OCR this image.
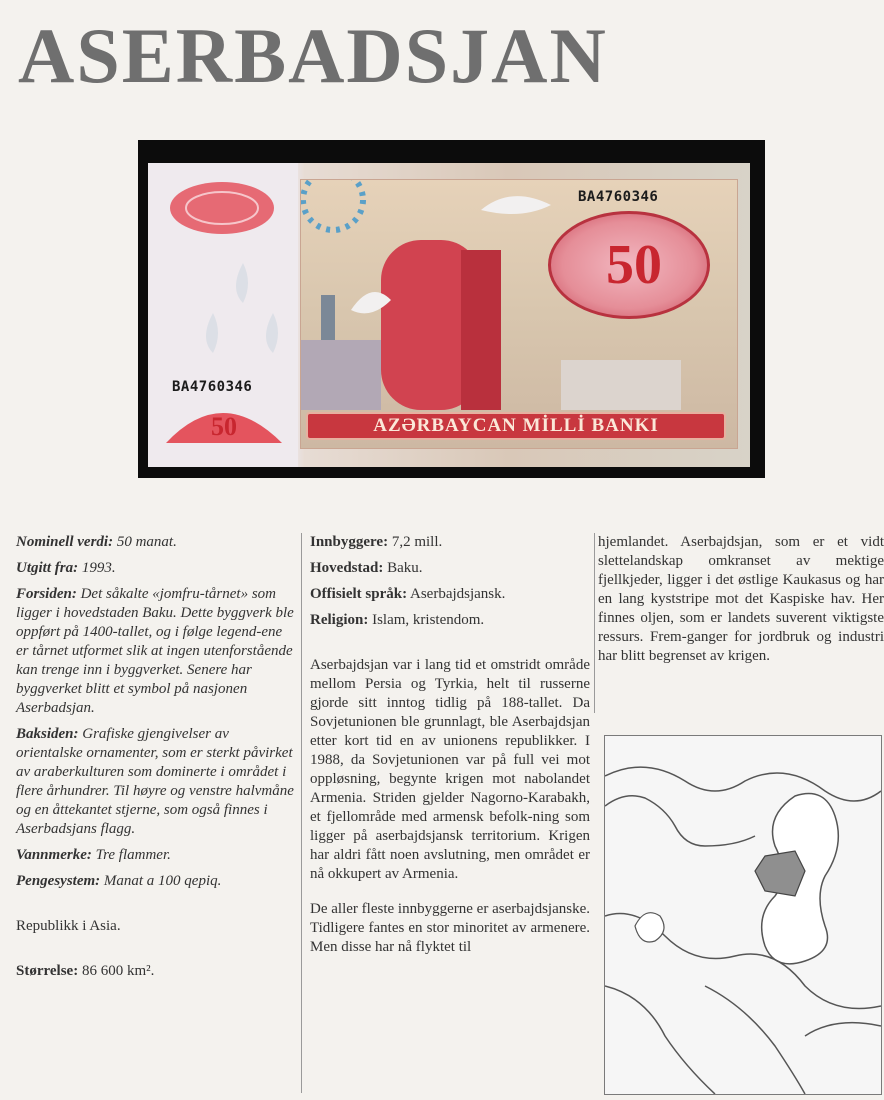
ASERBADSJAN
50
50
BA4760346
BA4760346
AZƏRBAYCAN MİLLİ BANKI
Nominell verdi: 50 manat.
Utgitt fra: 1993.
Forsiden: Det såkalte «jomfru-tårnet» som ligger i hovedstaden Baku. Dette byggverk ble oppført på 1400-tallet, og i følge legend-ene er tårnet utformet slik at ingen utenforstående kan trenge inn i byggverket. Senere har byggverket blitt et symbol på nasjonen Aserbadsjan.
Baksiden: Grafiske gjengivelser av orientalske ornamenter, som er sterkt påvirket av araberkulturen som dominerte i området i flere århundrer. Til høyre og venstre halvmåne og en åttekantet stjerne, som også finnes i Aserbadsjans flagg.
Vannmerke: Tre flammer.
Pengesystem: Manat a 100 qepiq.
Republikk i Asia.
Størrelse: 86 600 km².
Innbyggere: 7,2 mill.
Hovedstad: Baku.
Offisielt språk: Aserbajdsjansk.
Religion: Islam, kristendom.

Aserbajdsjan var i lang tid et omstridt område mellom Persia og Tyrkia, helt til russerne gjorde sitt inntog tidlig på 188-tallet. Da Sovjetunionen ble grunnlagt, ble Aserbajdsjan etter kort tid en av unionens republikker. I 1988, da Sovjetunionen var på full vei mot oppløsning, begynte krigen mot nabolandet Armenia. Striden gjelder Nagorno-Karabakh, et fjellområde med armensk befolk-ning som ligger på aserbajdsjansk territorium. Krigen har aldri fått noen avslutning, men området er nå okkupert av Armenia.

De aller fleste innbyggerne er aserbajdsjanske. Tidligere fantes en stor minoritet av armenere. Men disse har nå flyktet til

hjemlandet. Aserbajdsjan, som er et vidt slettelandskap omkranset av mektige fjellkjeder, ligger i det østlige Kaukasus og har en lang kyststripe mot det Kaspiske hav. Her finnes oljen, som er landets suverent viktigste ressurs. Frem-ganger for jordbruk og industri har blitt begrenset av krigen.
